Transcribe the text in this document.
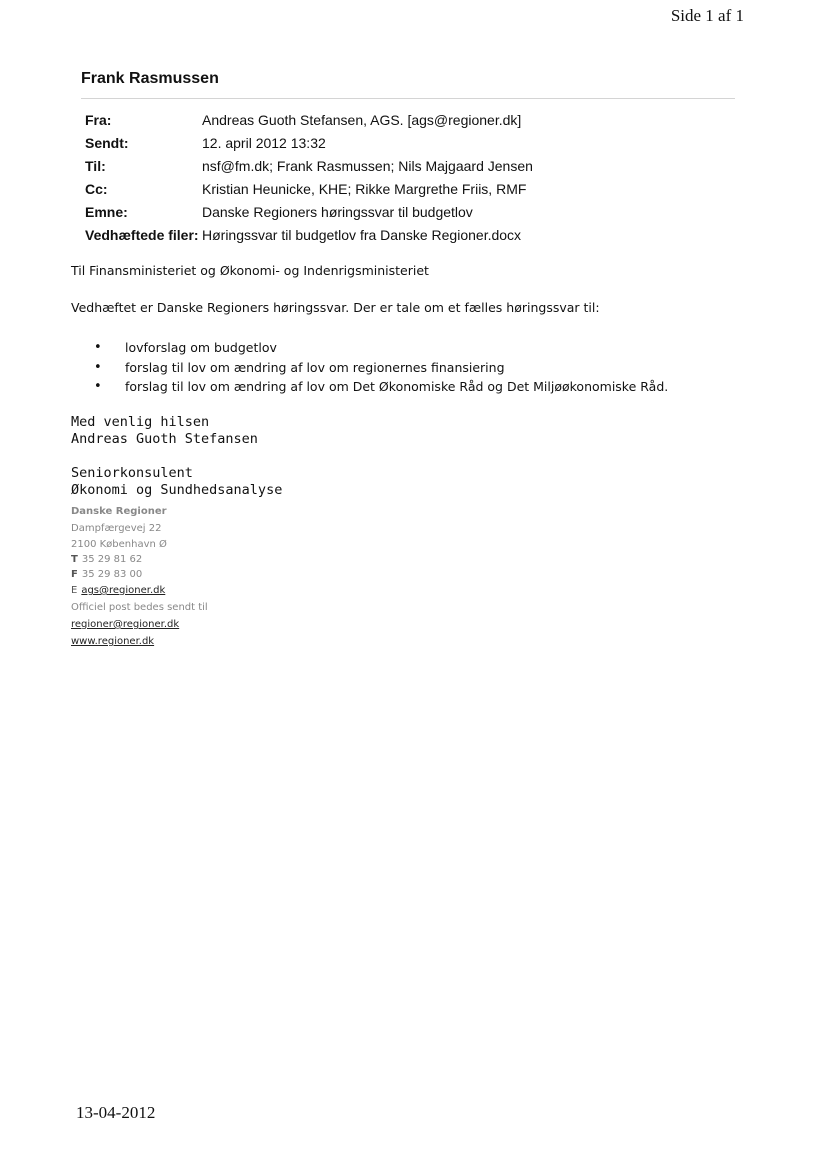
Side 1 af 1
Frank Rasmussen
Fra:	Andreas Guoth Stefansen, AGS. [ags@regioner.dk]
Sendt:	12. april 2012 13:32
Til:	nsf@fm.dk; Frank Rasmussen; Nils Majgaard Jensen
Cc:	Kristian Heunicke, KHE; Rikke Margrethe Friis, RMF
Emne:	Danske Regioners høringssvar til budgetlov
Vedhæftede filer: Høringssvar til budgetlov fra Danske Regioner.docx
Til Finansministeriet og Økonomi- og Indenrigsministeriet
Vedhæftet er Danske Regioners høringssvar. Der er tale om et fælles høringssvar til:
•	lovforslag om budgetlov
•	forslag til lov om ændring af lov om regionernes finansiering
•	forslag til lov om ændring af lov om Det Økonomiske Råd og Det Miljøøkonomiske Råd.
Med venlig hilsen
Andreas Guoth Stefansen
Seniorkonsulent
Økonomi og Sundhedsanalyse
Danske Regioner
Dampfærgevej 22
2100 København Ø
T 35 29 81 62
F 35 29 83 00
E ags@regioner.dk
Officiel post bedes sendt til
regioner@regioner.dk
www.regioner.dk
13-04-2012
